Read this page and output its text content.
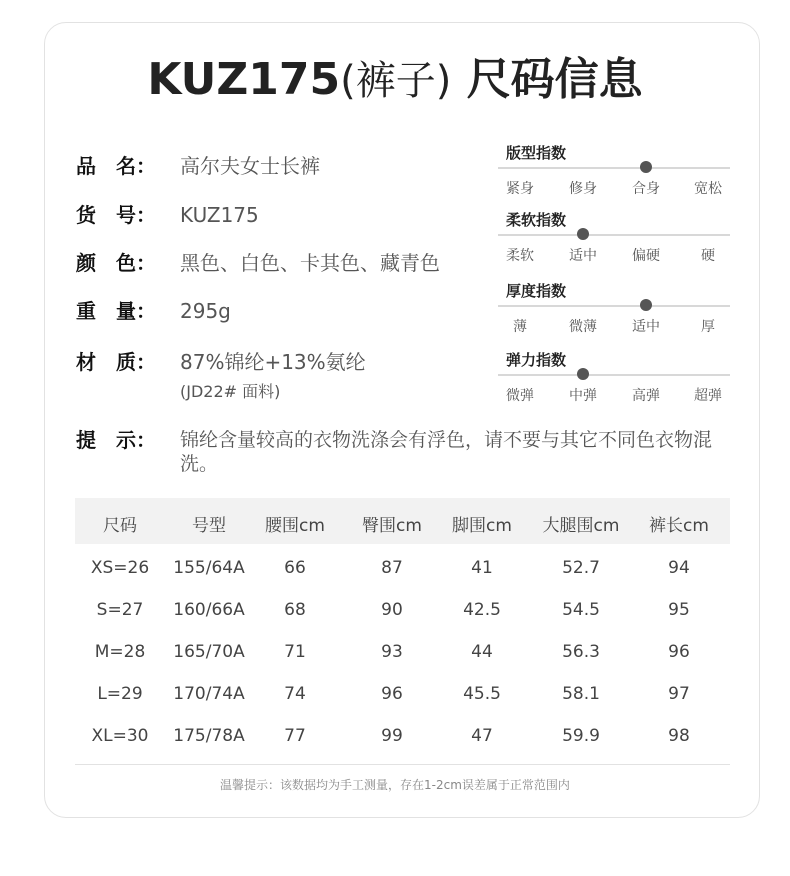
KUZ175(裤子) 尺码信息
品　名：	高尔夫女士长裤
货　号：	KUZ175
颜　色：	黑色、白色、卡其色、藏青色
重　量：	295g
材　质：	87%锦纶+13%氨纶
(JD22# 面料)
提　示：	锦纶含量较高的衣物洗涤会有浮色，请不要与其它不同色衣物混洗。
版型指数
紧身	修身	合身 宽松
柔软指数
柔软	适中	偏硬	硬
厚度指数
薄	微薄	适中	厚
弹力指数
微弹	中弹	高弹 超弹
尺码	号型 腰围cm 臀围cm 脚围cm 大腿围cm 裤长cm
XS=26 155/64A 66	87	41	52.7	94
S=27 160/66A 68	90	42.5	54.5	95
M=28 165/70A 71	93	44	56.3	96
L=29 170/74A 74	96	45.5	58.1	97
XL=30 175/78A 77	99	47	59.9	98
温馨提示：该数据均为手工测量，存在1-2cm误差属于正常范围内
